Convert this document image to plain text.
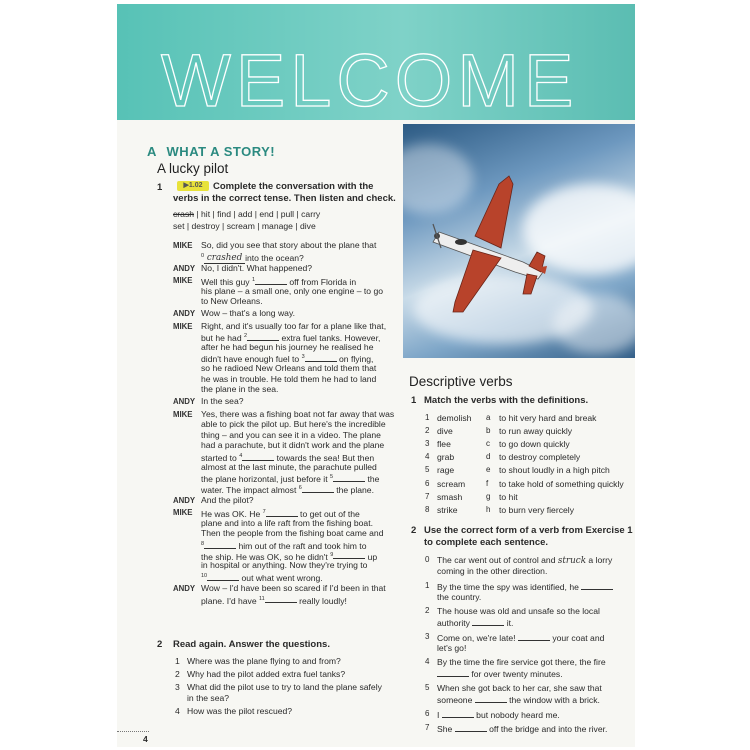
WELCOME
A WHAT A STORY!
A lucky pilot
1	▶1.02	Complete the conversation with the
verbs in the correct tense. Then listen and check.
crash | hit | find | add | end | pull | carry
set | destroy | scream | manage | dive
MIKE So, did you see that story about the plane that
$^0$ crashed into the ocean?
ANDY No, I didn't. What happened?
MIKE Well this guy $^1$	off from Florida in
his plane – a small one, only one engine – to go
to New Orleans.
ANDY Wow – that's a long way.
MIKE Right, and it's usually too far for a plane like that,
but he had $^2$	extra fuel tanks. However,
after he had begun his journey he realised he
didn't have enough fuel to $^3$	on flying,
so he radioed New Orleans and told them that
he was in trouble. He told them he had to land
the plane in the sea.
ANDY In the sea?
MIKE Yes, there was a fishing boat not far away that was
able to pick the pilot up. But here's the incredible
thing – and you can see it in a video. The plane
had a parachute, but it didn't work and the plane
started to $^4$	towards the sea! But then
almost at the last minute, the parachute pulled
the plane horizontal, just before it $^5$	the
water. The impact almost $^6$	the plane.
ANDY And the pilot?
MIKE He was OK. He $^7$	to get out of the
plane and into a life raft from the fishing boat.
Then the people from the fishing boat came and
$^8$	him out of the raft and took him to
the ship. He was OK, so he didn't $^9$	up
in hospital or anything. Now they're trying to
$^{10}$	out what went wrong.
ANDY Wow – I'd have been so scared if I'd been in that
plane. I'd have $^{11}$	really loudly!
2 Read again. Answer the questions.
1 Where was the plane flying to and from?
2 Why had the pilot added extra fuel tanks?
3 What did the pilot use to try to land the plane safely
in the sea?
4 How was the pilot rescued?
4
Descriptive verbs
1 Match the verbs with the definitions.
1 demolish a to hit very hard and break
2 dive	b to run away quickly
3 flee	c to go down quickly
4 grab	d to destroy completely
5 rage	e to shout loudly in a high pitch
6 scream	f to take hold of something quickly
7 smash	g to hit
8 strike	h to burn very fiercely
2 Use the correct form of a verb from Exercise 1
to complete each sentence.
0 The car went out of control and struck a lorry
coming in the other direction.
1 By the time the spy was identified, he
the country.
2 The house was old and unsafe so the local
authority	it.
3 Come on, we're late!	your coat and
let's go!
4 By the time the fire service got there, the fire
for over twenty minutes.
5 When she got back to her car, she saw that
someone	the window with a brick.
6 I	but nobody heard me.
7 She	off the bridge and into the river.
